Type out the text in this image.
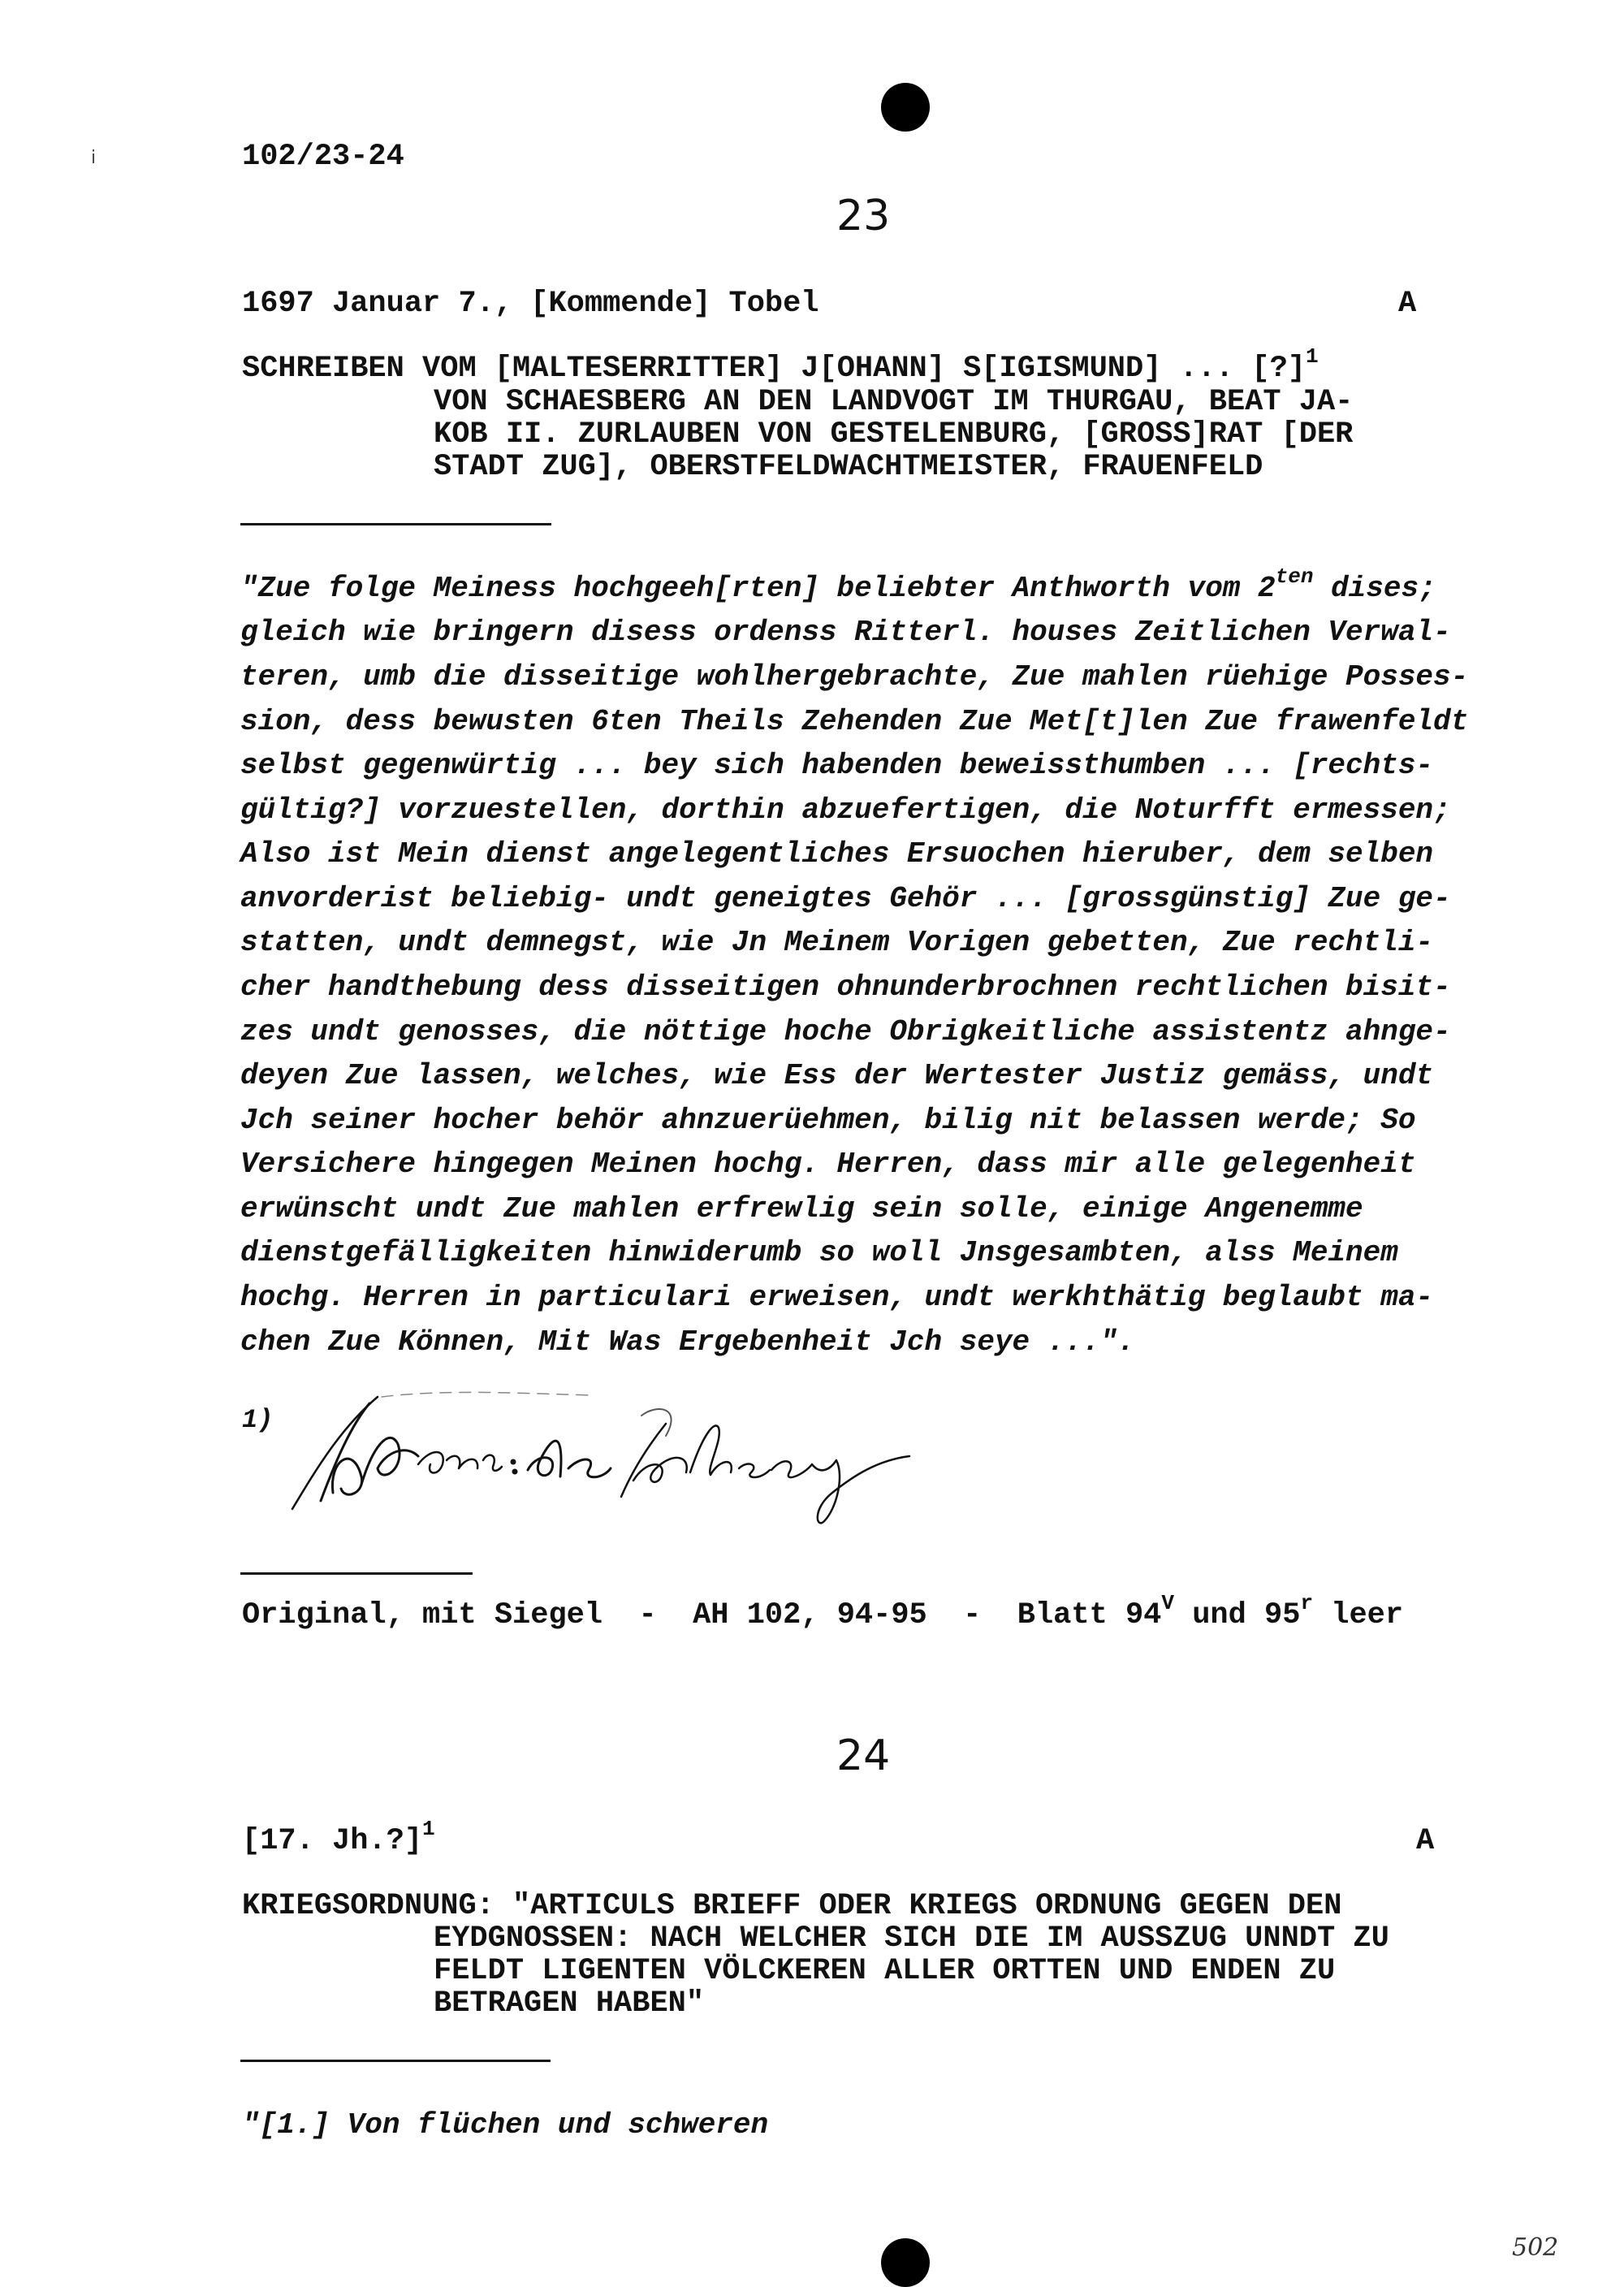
i	102/23-24
23
1697 Januar 7., [Kommende] Tobel	A
SCHREIBEN VOM [MALTESERRITTER] J[OHANN] S[IGISMUND] ... [?]$^1$
VON SCHAESBERG AN DEN LANDVOGT IM THURGAU, BEAT JA-
KOB II. ZURLAUBEN VON GESTELENBURG, [GROSS]RAT [DER
STADT ZUG], OBERSTFELDWACHTMEISTER, FRAUENFELD
"Zue folge Meiness hochgeeh[rten] beliebter Anthworth vom $2^{ten}$ dises;
gleich wie bringern disess ordenss Ritterl. houses Zeitlichen Verwal-
teren, umb die disseitige wohlhergebrachte, Zue mahlen rüehige Posses-
sion, dess bewusten 6ten Theils Zehenden Zue Met[t]len Zue frawenfeldt
selbst gegenwürtig ... bey sich habenden beweissthumben ... [rechts-
gültig?] vorzuestellen, dorthin abzuefertigen, die Noturfft ermessen;
Also ist Mein dienst angelegentliches Ersuochen hieruber, dem selben
anvorderist beliebig- undt geneigtes Gehör ... [grossgünstig] Zue ge-
statten, undt demnegst, wie Jn Meinem Vorigen gebetten, Zue rechtli-
cher handthebung dess disseitigen ohnunderbrochnen rechtlichen bisit-
zes undt genosses, die nöttige hoche Obrigkeitliche assistentz ahnge-
deyen Zue lassen, welches, wie Ess der Wertester Justiz gemäss, undt
Jch seiner hocher behör ahnzuerüehmen, bilig nit belassen werde; So
Versichere hingegen Meinen hochg. Herren, dass mir alle gelegenheit
erwünscht undt Zue mahlen erfrewlig sein solle, einige Angenemme
dienstgefälligkeiten hinwiderumb so woll Jnsgesambten, alss Meinem
hochg. Herren in particulari erweisen, undt werkhthätig beglaubt ma-
chen Zue Können, Mit Was Ergebenheit Jch seye ...".
1)
Original, mit Siegel  -  AH 102, 94-95  -  Blatt $94^V$ und 95$^r$ leer
24
[17. Jh.?]$^1$	A
KRIEGSORDNUNG: "ARTICULS BRIEFF ODER KRIEGS ORDNUNG GEGEN DEN
EYDGNOSSEN: NACH WELCHER SICH DIE IM AUSSZUG UNNDT ZU
FELDT LIGENTEN VÖLCKEREN ALLER ORTTEN UND ENDEN ZU
BETRAGEN HABEN"
"[1.] Von flüchen und schweren
502
